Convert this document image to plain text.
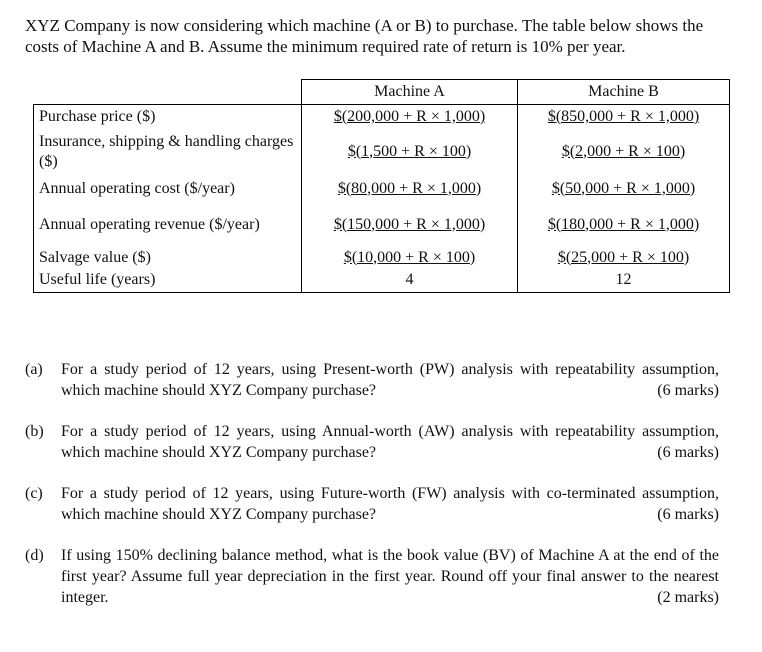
XYZ Company is now considering which machine (A or B) to purchase. The table below shows the costs of Machine A and B. Assume the minimum required rate of return is 10% per year.
	Machine A	Machine B
Purchase price ($)	$(200,000 + R × 1,000)	$(850,000 + R × 1,000)
Insurance, shipping & handling charges ($)	$(1,500 + R × 100)	$(2,000 + R × 100)
Annual operating cost ($/year)	$(80,000 + R × 1,000)	$(50,000 + R × 1,000)
Annual operating revenue ($/year)	$(150,000 + R × 1,000)	$(180,000 + R × 1,000)
Salvage value ($)	$(10,000 + R × 100)	$(25,000 + R × 100)
Useful life (years)	4	12
(a) For a study period of 12 years, using Present-worth (PW) analysis with repeatability assumption, which machine should XYZ Company purchase?	(6 marks)
(b) For a study period of 12 years, using Annual-worth (AW) analysis with repeatability assumption, which machine should XYZ Company purchase?	(6 marks)
(c) For a study period of 12 years, using Future-worth (FW) analysis with co-terminated assumption, which machine should XYZ Company purchase?	(6 marks)
(d) If using 150% declining balance method, what is the book value (BV) of Machine A at the end of the first year? Assume full year depreciation in the first year. Round off your final answer to the nearest integer.	(2 marks)
